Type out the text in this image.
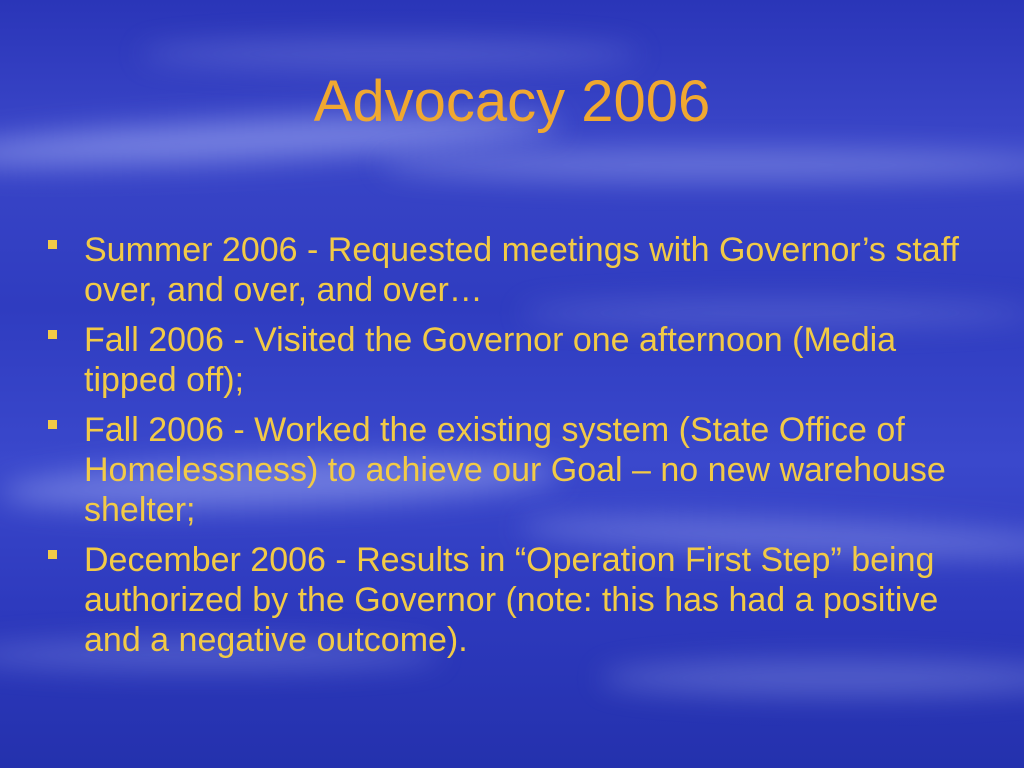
Advocacy 2006
Summer 2006 - Requested meetings with Governor’s staff over, and over, and over…
Fall 2006 - Visited the Governor one afternoon (Media tipped off);
Fall 2006 - Worked the existing system (State Office of Homelessness) to achieve our Goal – no new warehouse shelter;
December 2006 - Results in “Operation First Step” being authorized by the Governor (note: this has had a positive and a negative outcome).
